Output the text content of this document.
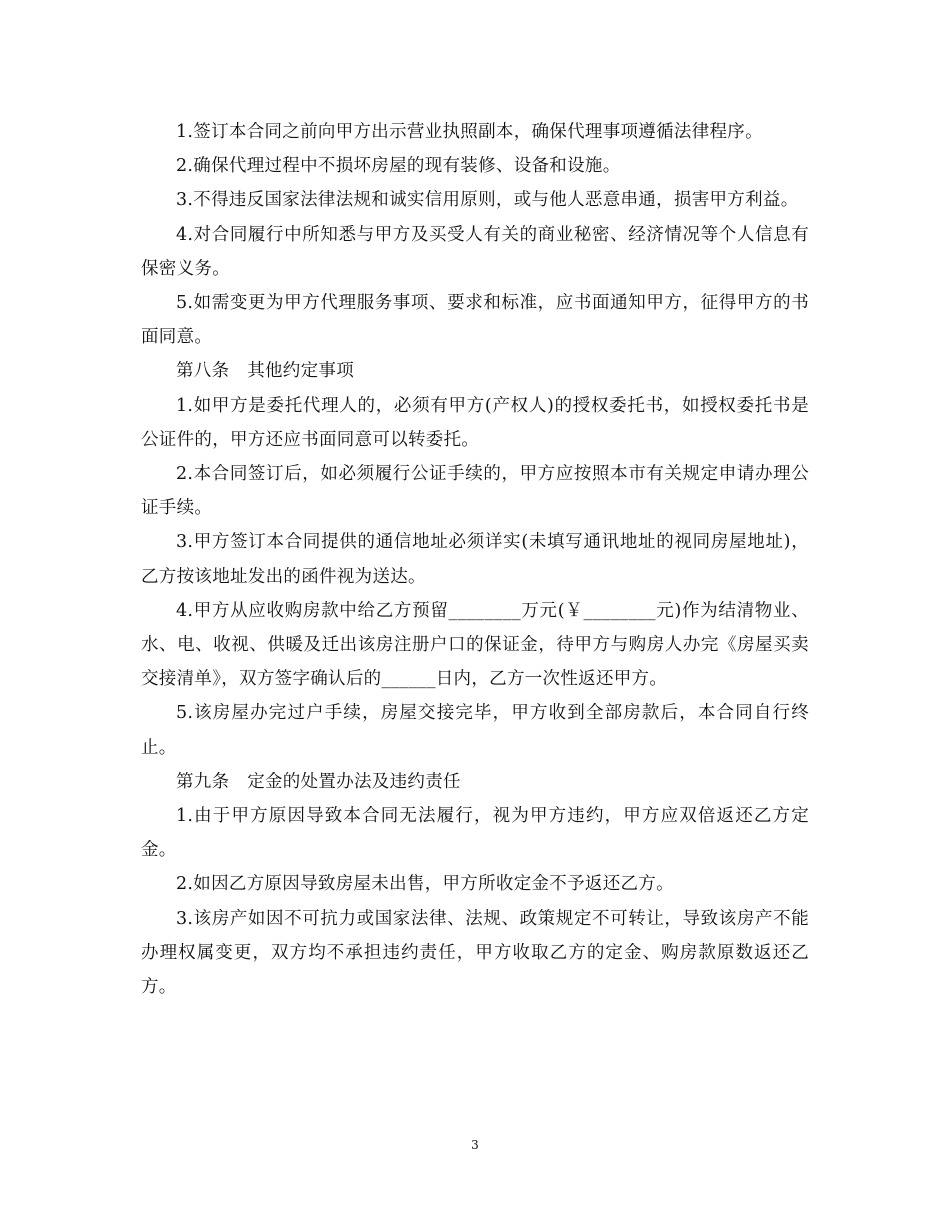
1.签订本合同之前向甲方出示营业执照副本，确保代理事项遵循法律程序。

2.确保代理过程中不损坏房屋的现有装修、设备和设施。

3.不得违反国家法律法规和诚实信用原则，或与他人恶意串通，损害甲方利益。

4.对合同履行中所知悉与甲方及买受人有关的商业秘密、经济情况等个人信息有保密义务。

5.如需变更为甲方代理服务事项、要求和标准，应书面通知甲方，征得甲方的书面同意。

第八条　其他约定事项

1.如甲方是委托代理人的，必须有甲方(产权人)的授权委托书，如授权委托书是公证件的，甲方还应书面同意可以转委托。

2.本合同签订后，如必须履行公证手续的，甲方应按照本市有关规定申请办理公证手续。

3.甲方签订本合同提供的通信地址必须详实(未填写通讯地址的视同房屋地址)，乙方按该地址发出的函件视为送达。

4.甲方从应收购房款中给乙方预留________万元(￥________元)作为结清物业、水、电、收视、供暖及迁出该房注册户口的保证金，待甲方与购房人办完《房屋买卖交接清单》，双方签字确认后的______日内，乙方一次性返还甲方。

5.该房屋办完过户手续，房屋交接完毕，甲方收到全部房款后，本合同自行终止。

第九条　定金的处置办法及违约责任

1.由于甲方原因导致本合同无法履行，视为甲方违约，甲方应双倍返还乙方定金。

2.如因乙方原因导致房屋未出售，甲方所收定金不予返还乙方。

3.该房产如因不可抗力或国家法律、法规、政策规定不可转让，导致该房产不能办理权属变更，双方均不承担违约责任，甲方收取乙方的定金、购房款原数返还乙方。

3
